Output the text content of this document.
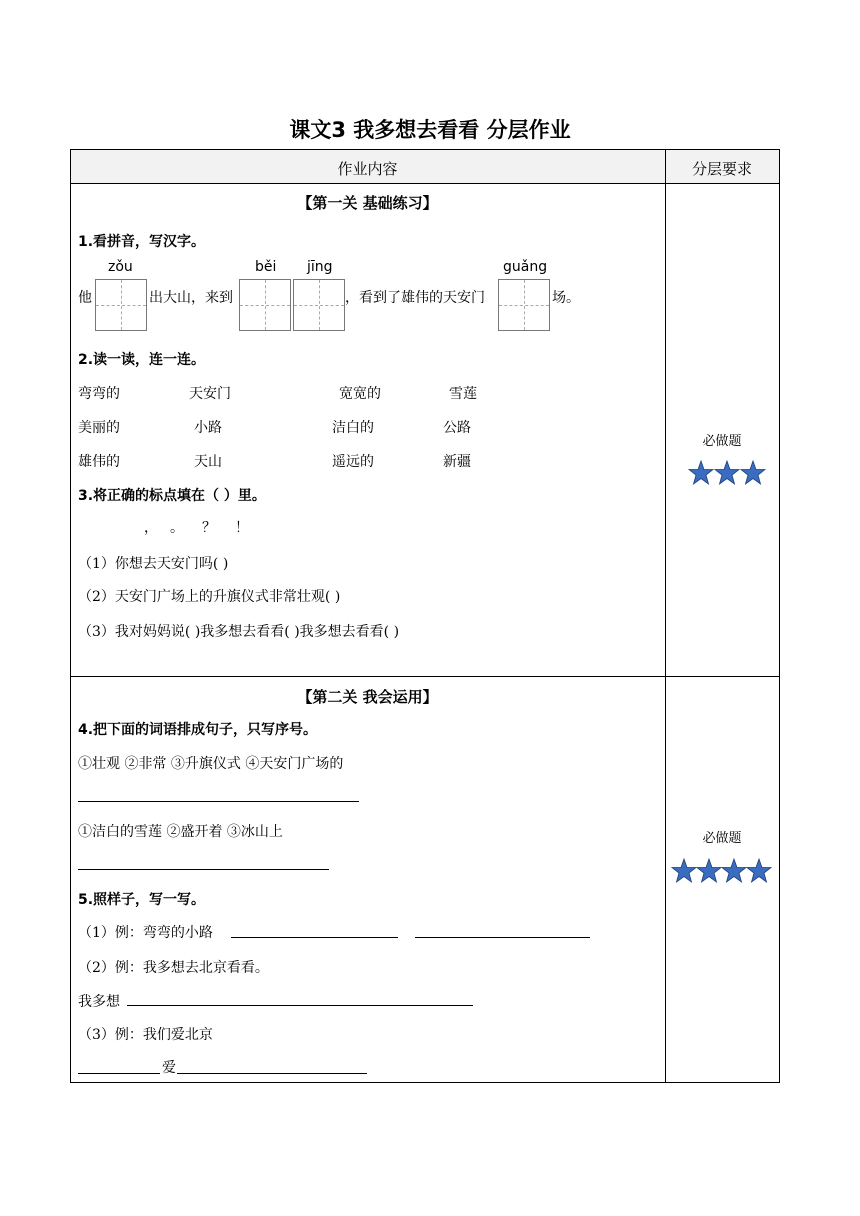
课文3 我多想去看看 分层作业
作业内容	分层要求
【第一关 基础练习】
1.看拼音，写汉字。
zǒu	běi jīng	guǎng
他	出大山，来到	，看到了雄伟的天安门	场。
2.读一读，连一连。
弯弯的	天安门	宽宽的	雪莲
美丽的	小路	洁白的	公路
雄伟的	天山	遥远的	新疆
3.将正确的标点填在（ ）里。
， 。 ？ ！
（1）你想去天安门吗( )
（2）天安门广场上的升旗仪式非常壮观( )
（3）我对妈妈说( )我多想去看看( )我多想去看看( )
必做题
【第二关 我会运用】
4.把下面的词语排成句子，只写序号。
①壮观 ②非常 ③升旗仪式 ④天安门广场的
①洁白的雪莲 ②盛开着 ③冰山上
5.照样子，写一写。
（1）例：弯弯的小路
（2）例：我多想去北京看看。
我多想
（3）例：我们爱北京
爱
必做题
